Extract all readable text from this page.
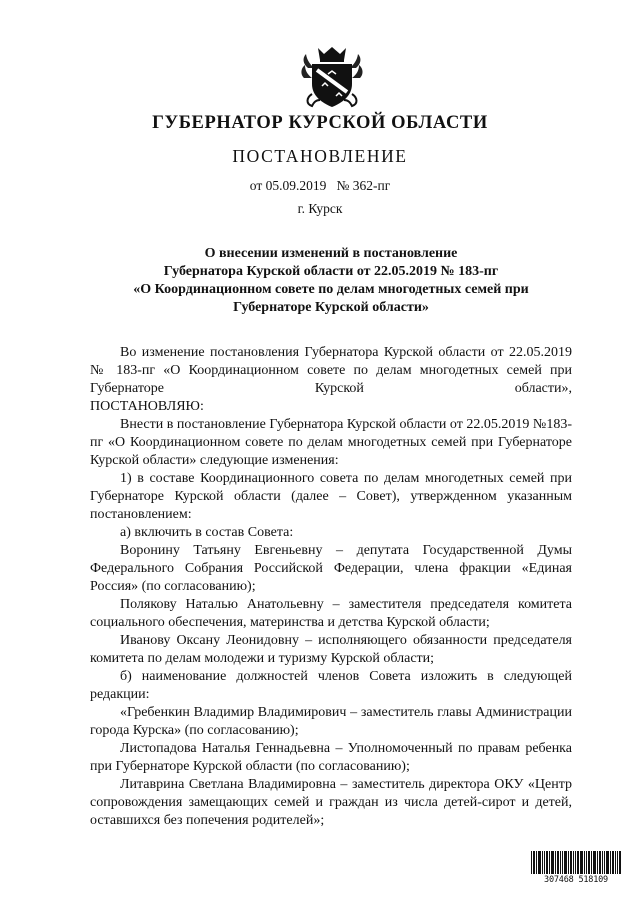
ГУБЕРНАТОР КУРСКОЙ ОБЛАСТИ

ПОСТАНОВЛЕНИЕ

от 05.09.2019   № 362-пг

г. Курск

О внесении изменений в постановление
Губернатора Курской области от 22.05.2019 № 183-пг
«О Координационном совете по делам многодетных семей при
Губернаторе Курской области»

Во изменение постановления Губернатора Курской области от 22.05.2019 № 183-пг «О Координационном совете по делам многодетных семей при Губернаторе Курской области»,

ПОСТАНОВЛЯЮ:

Внести в постановление Губернатора Курской области от 22.05.2019 №183-пг «О Координационном совете по делам многодетных семей при Губернаторе Курской области» следующие изменения:

1) в составе Координационного совета по делам многодетных семей при Губернаторе Курской области (далее – Совет), утвержденном указанным постановлением:

а) включить в состав Совета:

Воронину Татьяну Евгеньевну – депутата Государственной Думы Федерального Собрания Российской Федерации, члена фракции «Единая Россия» (по согласованию);

Полякову Наталью Анатольевну – заместителя председателя комитета социального обеспечения, материнства и детства Курской области;

Иванову Оксану Леонидовну – исполняющего обязанности председателя комитета по делам молодежи и туризму Курской области;

б) наименование должностей членов Совета изложить в следующей редакции:

«Гребенкин Владимир Владимирович – заместитель главы Администрации города Курска» (по согласованию);

Листопадова Наталья Геннадьевна – Уполномоченный по правам ребенка при Губернаторе Курской области (по согласованию);

Литаврина Светлана Владимировна – заместитель директора ОКУ «Центр сопровождения замещающих семей и граждан из числа детей-сирот и детей, оставшихся без попечения родителей»;

307468 518109
